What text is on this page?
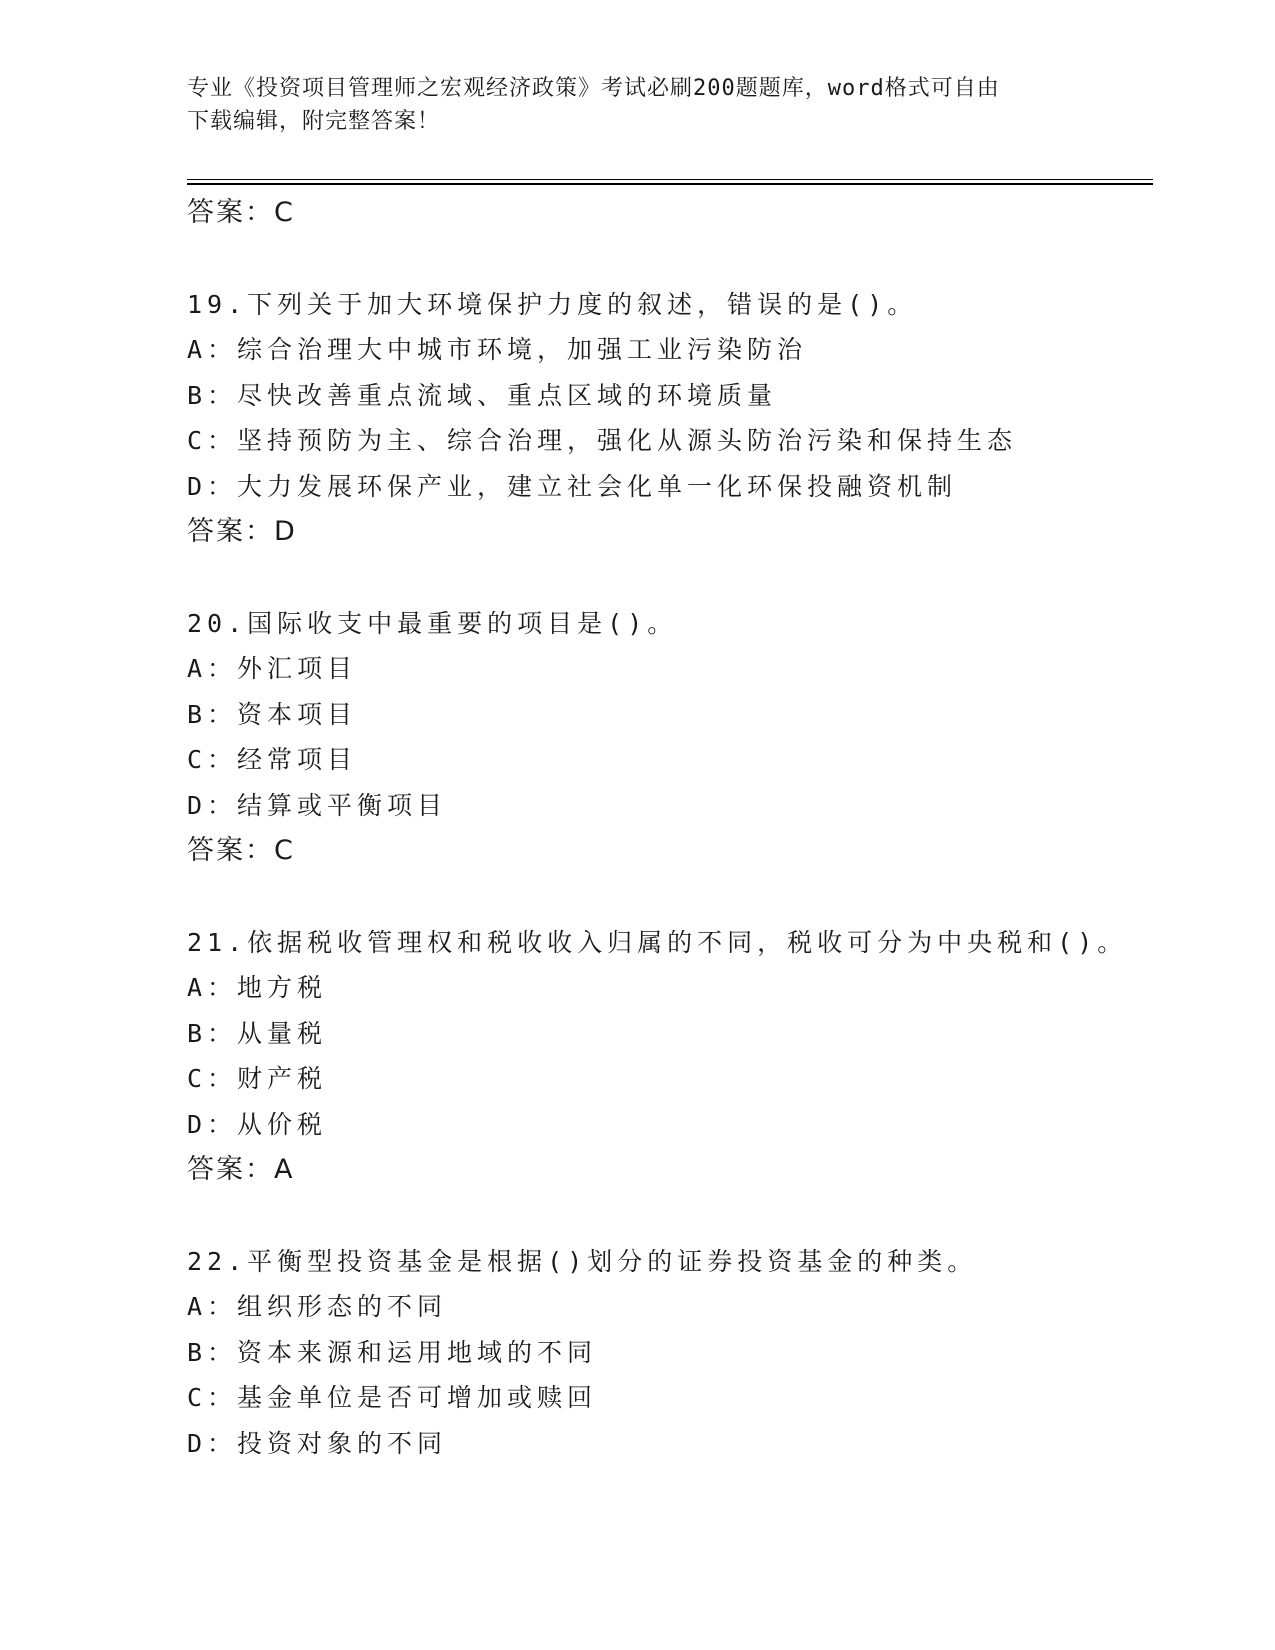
专业《投资项目管理师之宏观经济政策》考试必刷200题题库，word格式可自由
下载编辑，附完整答案！
答案：C
19.下列关于加大环境保护力度的叙述，错误的是()。
A：综合治理大中城市环境，加强工业污染防治
B：尽快改善重点流域、重点区域的环境质量
C：坚持预防为主、综合治理，强化从源头防治污染和保持生态
D：大力发展环保产业，建立社会化单一化环保投融资机制
答案：D
20.国际收支中最重要的项目是()。
A：外汇项目
B：资本项目
C：经常项目
D：结算或平衡项目
答案：C
21.依据税收管理权和税收收入归属的不同，税收可分为中央税和()。
A：地方税
B：从量税
C：财产税
D：从价税
答案：A
22.平衡型投资基金是根据()划分的证券投资基金的种类。
A：组织形态的不同
B：资本来源和运用地域的不同
C：基金单位是否可增加或赎回
D：投资对象的不同
